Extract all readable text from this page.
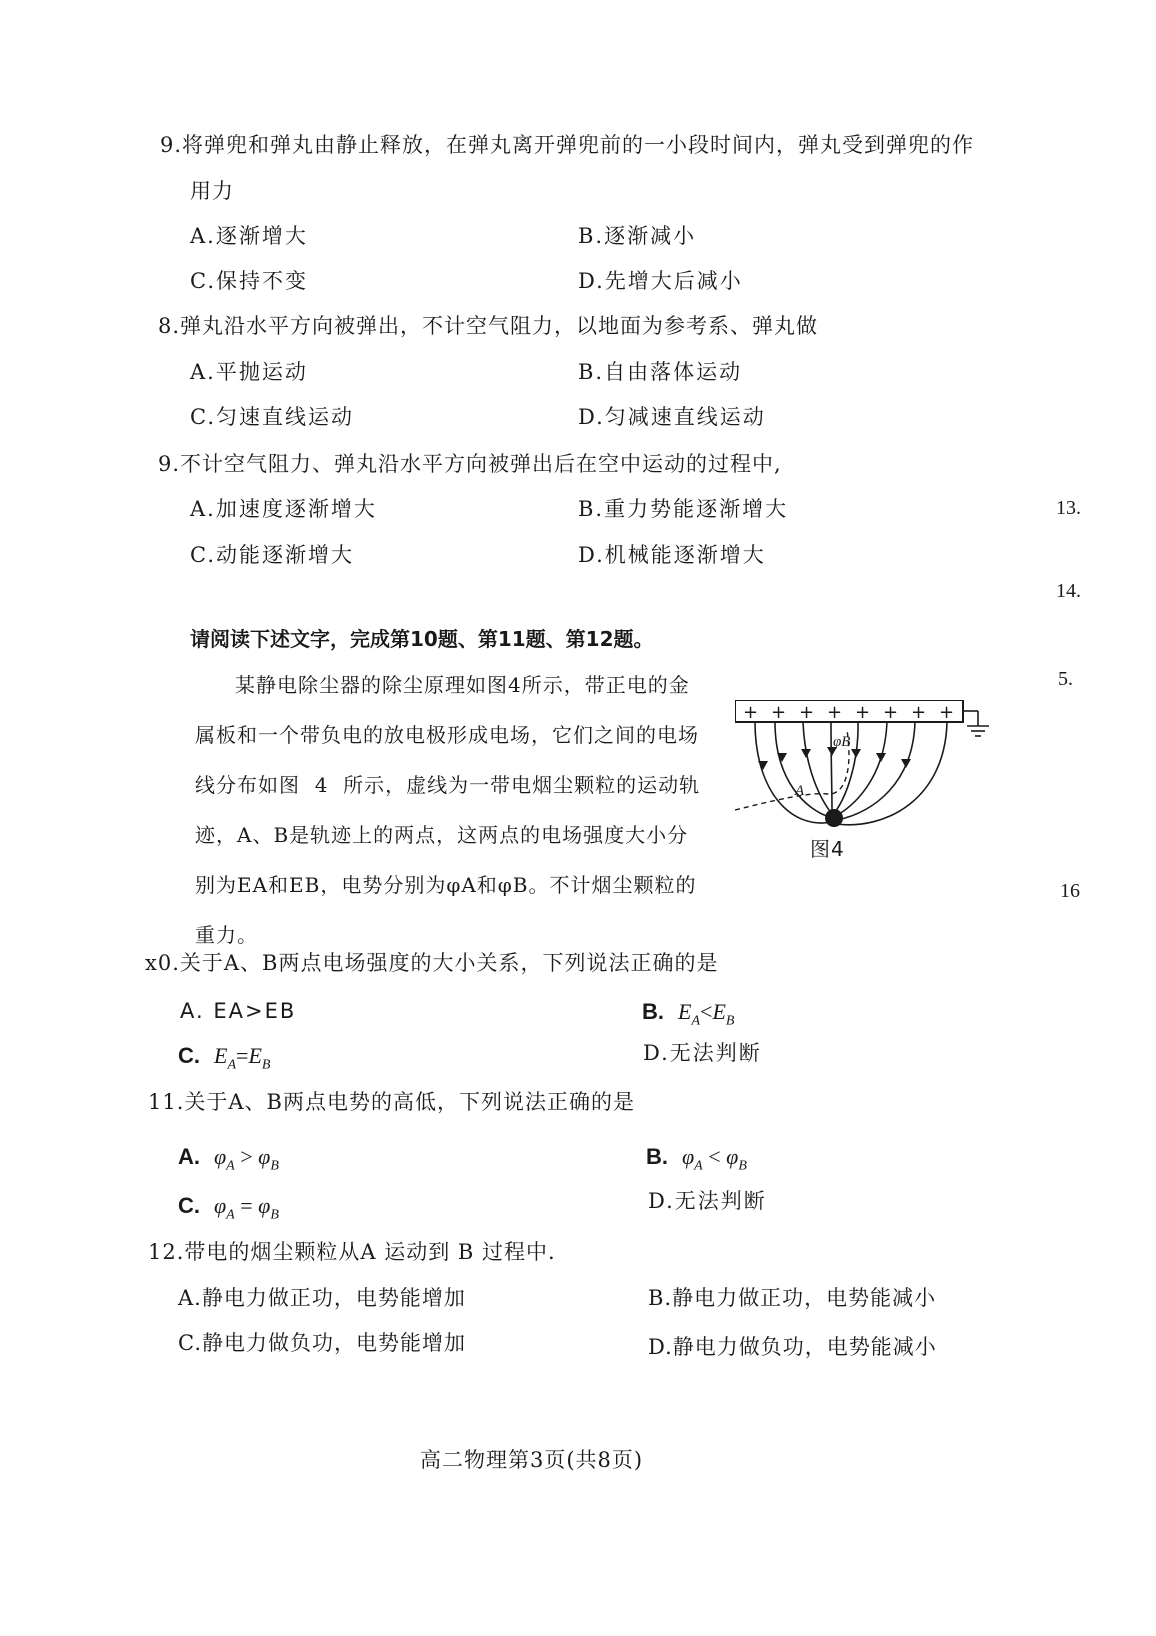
9.将弹兜和弹丸由静止释放，在弹丸离开弹兜前的一小段时间内，弹丸受到弹兜的作
用力
A.逐渐增大	B.逐渐减小
C.保持不变	D.先增大后减小
8.弹丸沿水平方向被弹出，不计空气阻力，以地面为参考系、弹丸做
A.平抛运动	B.自由落体运动
C.匀速直线运动	D.匀减速直线运动
9.不计空气阻力、弹丸沿水平方向被弹出后在空中运动的过程中,
A.加速度逐渐增大	B.重力势能逐渐增大
C.动能逐渐增大	D.机械能逐渐增大
请阅读下述文字，完成第10题、第11题、第12题。
某静电除尘器的除尘原理如图4所示，带正电的金
属板和一个带负电的放电极形成电场，它们之间的电场
线分布如图  4  所示，虚线为一带电烟尘颗粒的运动轨
迹，A、B是轨迹上的两点，这两点的电场强度大小分
别为EA和EB，电势分别为φA和φB。不计烟尘颗粒的
重力。
+ + + + + + + +
A
φB
图4
x0.关于A、B两点电场强度的大小关系，下列说法正确的是
A. EA>EB	B. $E_A<E_B$
C. $E_A=E_B$	D.无法判断
11.关于A、B两点电势的高低，下列说法正确的是
A. $\varphi_A > \varphi_B$	B. $\varphi_A < \varphi_B$
C. $\varphi_A = \varphi_B$
D.无法判断
12.带电的烟尘颗粒从A 运动到 B 过程中.
A.静电力做正功，电势能增加	B.静电力做正功，电势能减小
C.静电力做负功，电势能增加	D.静电力做负功，电势能减小
13.
14.
5.
16
高二物理第3页(共8页)
